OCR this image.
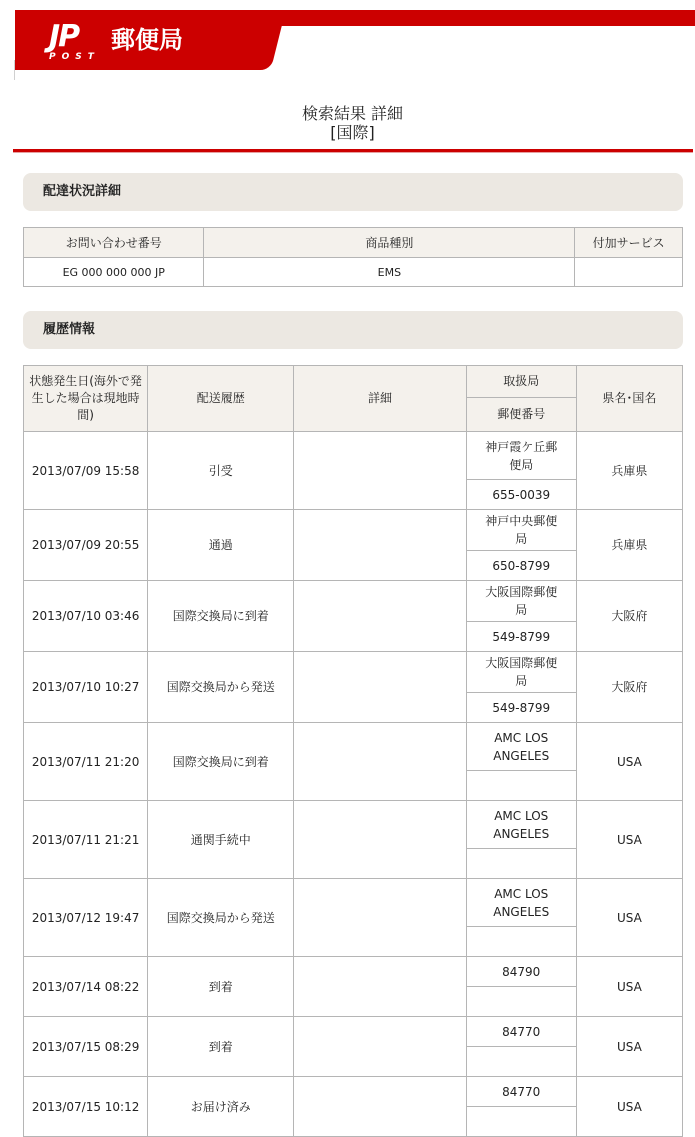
JP
POST
郵便局
検索結果 詳細
[国際]
配達状況詳細
お問い合わせ番号	商品種別	付加サービス
EG 000 000 000 JP	EMS	
履歴情報
状態発生日(海外で発生した場合は現地時間)	配送履歴	詳細	取扱局	県名･国名
			郵便番号	
2013/07/09 15:58	引受		神戸霞ケ丘郵便局	兵庫県
			655-0039	
2013/07/09 20:55	通過		神戸中央郵便局	兵庫県
			650-8799	
2013/07/10 03:46	国際交換局に到着		大阪国際郵便局	大阪府
			549-8799	
2013/07/10 10:27	国際交換局から発送		大阪国際郵便局	大阪府
			549-8799	
2013/07/11 21:20	国際交換局に到着		AMC LOS ANGELES	USA

2013/07/11 21:21	通関手続中		AMC LOS ANGELES	USA

2013/07/12 19:47	国際交換局から発送		AMC LOS ANGELES	USA

2013/07/14 08:22	到着		84790	USA

2013/07/15 08:29	到着		84770	USA

2013/07/15 10:12	お届け済み		84770	USA
